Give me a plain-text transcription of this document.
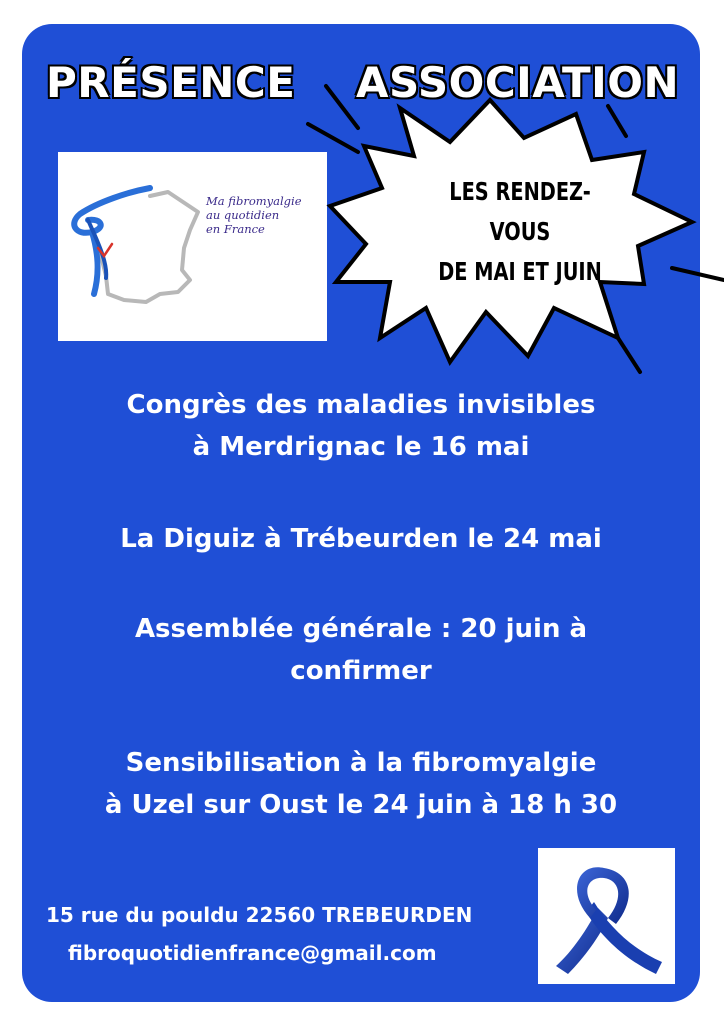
PRÉSENCE ASSOCIATION
Ma fibromyalgie
au quotidien
en France
LES RENDEZ-
VOUS
DE MAI ET JUIN
Congrès des maladies invisibles
à Merdrignac le 16 mai
La Diguiz à Trébeurden le 24 mai
Assemblée générale : 20 juin à
confirmer
Sensibilisation à la fibromyalgie
à Uzel sur Oust le 24 juin à 18 h 30
15 rue du pouldu 22560 TREBEURDEN
fibroquotidienfrance@gmail.com
